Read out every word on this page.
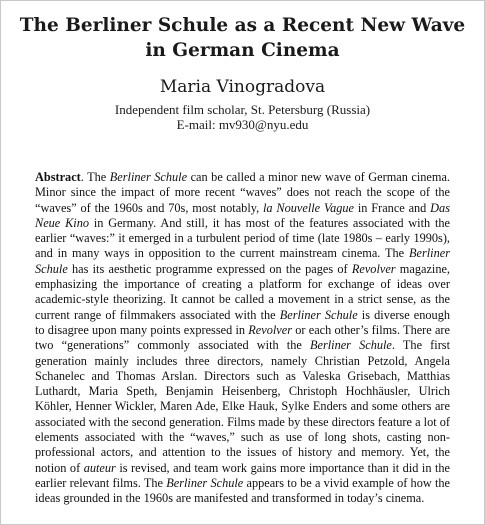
The Berliner Schule as a Recent New Wave in German Cinema
Maria Vinogradova
Independent film scholar, St. Petersburg (Russia)
E-mail: mv930@nyu.edu

Abstract. The Berliner Schule can be called a minor new wave of German cinema. Minor since the impact of more recent “waves” does not reach the scope of the “waves” of the 1960s and 70s, most notably, la Nouvelle Vague in France and Das Neue Kino in Germany. And still, it has most of the features associated with the earlier “waves:” it emerged in a turbulent period of time (late 1980s – early 1990s), and in many ways in opposition to the current mainstream cinema. The Berliner Schule has its aesthetic programme expressed on the pages of Revolver magazine, emphasizing the importance of creating a platform for exchange of ideas over academic-style theorizing. It cannot be called a movement in a strict sense, as the current range of filmmakers associated with the Berliner Schule is diverse enough to disagree upon many points expressed in Revolver or each other’s films. There are two “generations” commonly associated with the Berliner Schule. The first generation mainly includes three directors, namely Christian Petzold, Angela Schanelec and Thomas Arslan. Directors such as Valeska Grisebach, Matthias Luthardt, Maria Speth, Benjamin Heisenberg, Christoph Hochhäusler, Ulrich Köhler, Henner Wickler, Maren Ade, Elke Hauk, Sylke Enders and some others are associated with the second generation. Films made by these directors feature a lot of elements associated with the “waves,” such as use of long shots, casting non-professional actors, and attention to the issues of history and memory. Yet, the notion of auteur is revised, and team work gains more importance than it did in the earlier relevant films. The Berliner Schule appears to be a vivid example of how the ideas grounded in the 1960s are manifested and transformed in today’s cinema.
